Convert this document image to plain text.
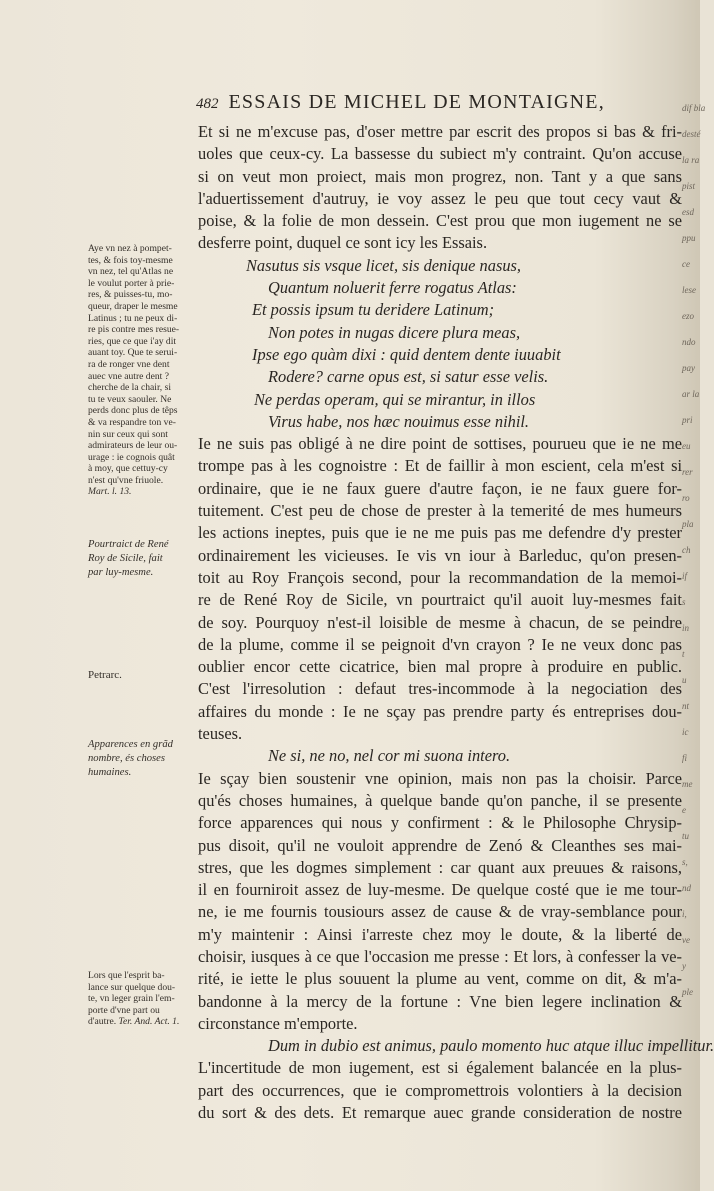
dif bla
desté
la ra
pist
esd
ppu
ce
lese
ezo
ndo
pay
ar la
pri
eu
rer
ro
pla
ch
if
s
in
t
u
nt
ic
fi
me
e
tu
s,
nd
i,
ve
y
ple
482 ESSAIS DE MICHEL DE MONTAIGNE,
Et si ne m'excuse pas, d'oser mettre par escrit des propos si bas & fri-
uoles que ceux-cy. La bassesse du subiect m'y contraint. Qu'on accuse
si on veut mon proiect, mais mon progrez, non. Tant y a que sans
l'aduertissement d'autruy, ie voy assez le peu que tout cecy vaut &
poise, & la folie de mon dessein. C'est prou que mon iugement ne se
desferre point, duquel ce sont icy les Essais.
Nasutus sis vsque licet, sis denique nasus,
Quantum noluerit ferre rogatus Atlas:
Et possis ipsum tu deridere Latinum;
Non potes in nugas dicere plura meas,
Ipse ego quàm dixi : quid dentem dente iuuabit
Rodere? carne opus est, si satur esse velis.
Ne perdas operam, qui se mirantur, in illos
Virus habe, nos hæc nouimus esse nihil.
Ie ne suis pas obligé à ne dire point de sottises, pourueu que ie ne me
trompe pas à les cognoistre : Et de faillir à mon escient, cela m'est si
ordinaire, que ie ne faux guere d'autre façon, ie ne faux guere for-
tuitement. C'est peu de chose de prester à la temerité de mes humeurs
les actions ineptes, puis que ie ne me puis pas me defendre d'y prester
ordinairement les vicieuses. Ie vis vn iour à Barleduc, qu'on presen-
toit au Roy François second, pour la recommandation de la memoi-
re de René Roy de Sicile, vn pourtraict qu'il auoit luy-mesmes fait
de soy. Pourquoy n'est-il loisible de mesme à chacun, de se peindre
de la plume, comme il se peignoit d'vn crayon ? Ie ne veux donc pas
oublier encor cette cicatrice, bien mal propre à produire en public.
C'est l'irresolution : defaut tres-incommode à la negociation des
affaires du monde : Ie ne sçay pas prendre party és entreprises dou-
teuses.
Ne si, ne no, nel cor mi suona intero.
Ie sçay bien soustenir vne opinion, mais non pas la choisir. Parce
qu'és choses humaines, à quelque bande qu'on panche, il se presente
force apparences qui nous y confirment : & le Philosophe Chrysip-
pus disoit, qu'il ne vouloit apprendre de Zenó & Cleanthes ses mai-
stres, que les dogmes simplement : car quant aux preuues & raisons,
il en fourniroit assez de luy-mesme. De quelque costé que ie me tour-
ne, ie me fournis tousiours assez de cause & de vray-semblance pour
m'y maintenir : Ainsi i'arreste chez moy le doute, & la liberté de
choisir, iusques à ce que l'occasion me presse : Et lors, à confesser la ve-
rité, ie iette le plus souuent la plume au vent, comme on dit, & m'a-
bandonne à la mercy de la fortune : Vne bien legere inclination &
circonstance m'emporte.
Dum in dubio est animus, paulo momento huc atque illuc impellitur.
L'incertitude de mon iugement, est si également balancée en la plus-
part des occurrences, que ie compromettrois volontiers à la decision
du sort & des dets. Et remarque auec grande consideration de nostre
Aye vn nez à pompet-
tes, & fois toy-mesme
vn nez, tel qu'Atlas ne
le voulut porter à prie-
res, & puisses-tu, mo-
queur, draper le mesme
Latinus ; tu ne peux di-
re pis contre mes resue-
ries, que ce que i'ay dit
auant toy. Que te serui-
ra de ronger vne dent
auec vne autre dent ?
cherche de la chair, si
tu te veux saouler. Ne
perds donc plus de têps
& va respandre ton ve-
nin sur ceux qui sont
admirateurs de leur ou-
urage : ie cognois quât
à moy, que cettuy-cy
n'est qu'vne friuole.
Mart. l. 13.
Pourtraict de René
Roy de Sicile, fait
par luy-mesme.
Petrarc.
Apparences en grãd
nombre, és choses
humaines.
Lors que l'esprit ba-
lance sur quelque dou-
te, vn leger grain l'em-
porte d'vne part ou
d'autre. Ter. And. Act. 1.
